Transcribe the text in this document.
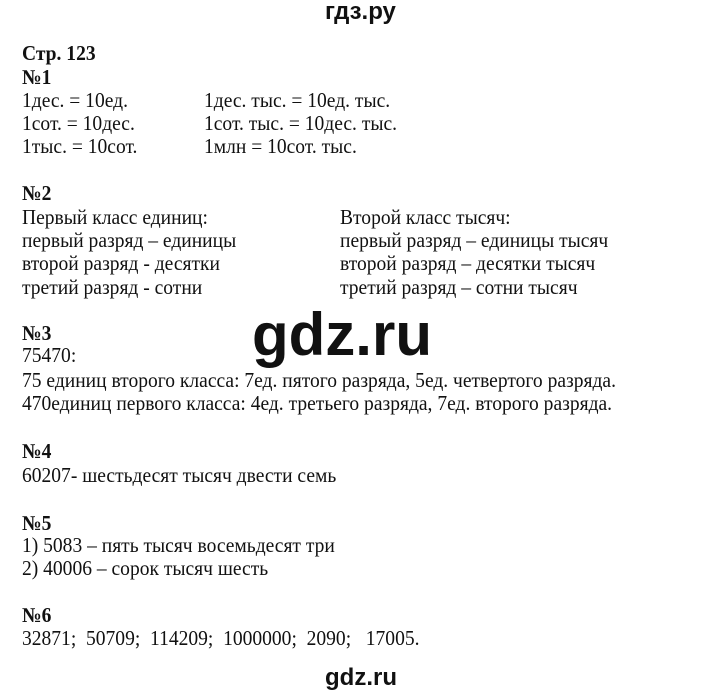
гдз.ру
Стр. 123
№1
1дес. = 10ед.
1сот. = 10дес.
1тыс. = 10сот.
1дес. тыс. = 10ед. тыс.
1сот. тыс. = 10дес. тыс.
1млн = 10сот. тыс.
№2
Первый класс единиц:
первый разряд – единицы
второй разряд - десятки
третий разряд - сотни
Второй класс тысяч:
первый разряд – единицы тысяч
второй разряд – десятки тысяч
третий разряд – сотни тысяч
№3
75470:
75 единиц второго класса: 7ед. пятого разряда, 5ед. четвертого разряда.
470единиц первого класса: 4ед. третьего разряда, 7ед. второго разряда.
gdz.ru
№4
60207- шестьдесят тысяч двести семь
№5
1) 5083 – пять тысяч восемьдесят три
2) 40006 – сорок тысяч шесть
№6
32871;  50709;  114209;  1000000;  2090;   17005.
gdz.ru
